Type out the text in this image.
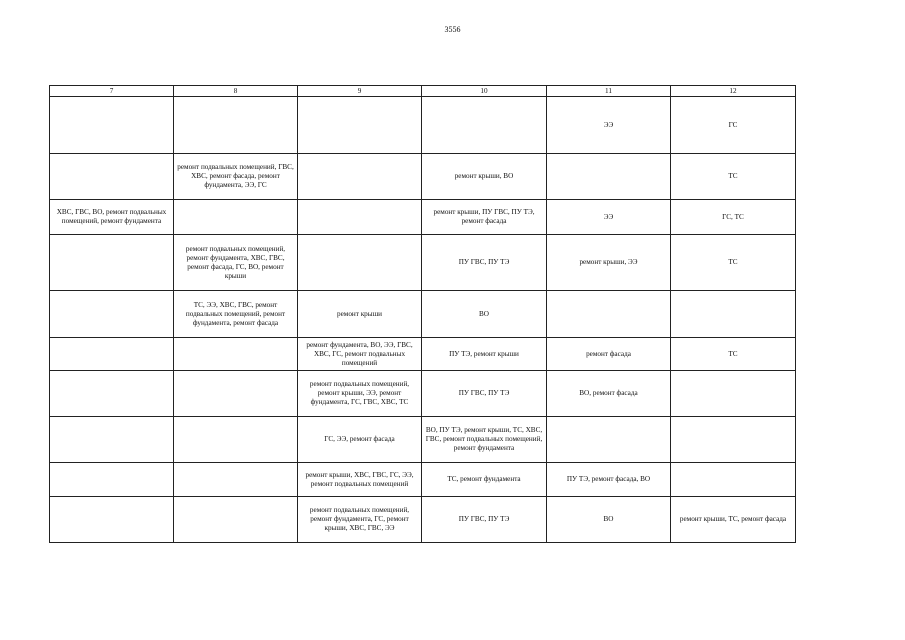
3556
7	8	9	10	11	12
				ЭЭ	ГС
	ремонт подвальных помещений, ГВС, ХВС, ремонт фасада, ремонт фундамента, ЭЭ, ГС		ремонт крыши, ВО		ТС
ХВС, ГВС, ВО, ремонт подвальных помещений, ремонт фундамента			ремонт крыши, ПУ ГВС, ПУ ТЭ, ремонт фасада	ЭЭ	ГС, ТС
	ремонт подвальных помещений, ремонт фундамента, ХВС, ГВС, ремонт фасада, ГС, ВО, ремонт крыши		ПУ ГВС, ПУ ТЭ	ремонт крыши, ЭЭ	ТС
	ТС, ЭЭ, ХВС, ГВС, ремонт подвальных помещений, ремонт фундамента, ремонт фасада	ремонт крыши	ВО		
		ремонт фундамента, ВО, ЭЭ, ГВС, ХВС, ГС, ремонт подвальных помещений	ПУ ТЭ, ремонт крыши	ремонт фасада	ТС
		ремонт подвальных помещений, ремонт крыши, ЭЭ, ремонт фундамента, ГС, ГВС, ХВС, ТС	ПУ ГВС, ПУ ТЭ	ВО, ремонт фасада	
		ГС, ЭЭ, ремонт фасада	ВО, ПУ ТЭ, ремонт крыши, ТС, ХВС, ГВС, ремонт подвальных помещений, ремонт фундамента		
		ремонт крыши, ХВС, ГВС, ГС, ЭЭ, ремонт подвальных помещений	ТС, ремонт фундамента	ПУ ТЭ, ремонт фасада, ВО	
		ремонт подвальных помещений, ремонт фундамента, ГС, ремонт крыши, ХВС, ГВС, ЭЭ	ПУ ГВС, ПУ ТЭ	ВО	ремонт крыши, ТС, ремонт фасада
